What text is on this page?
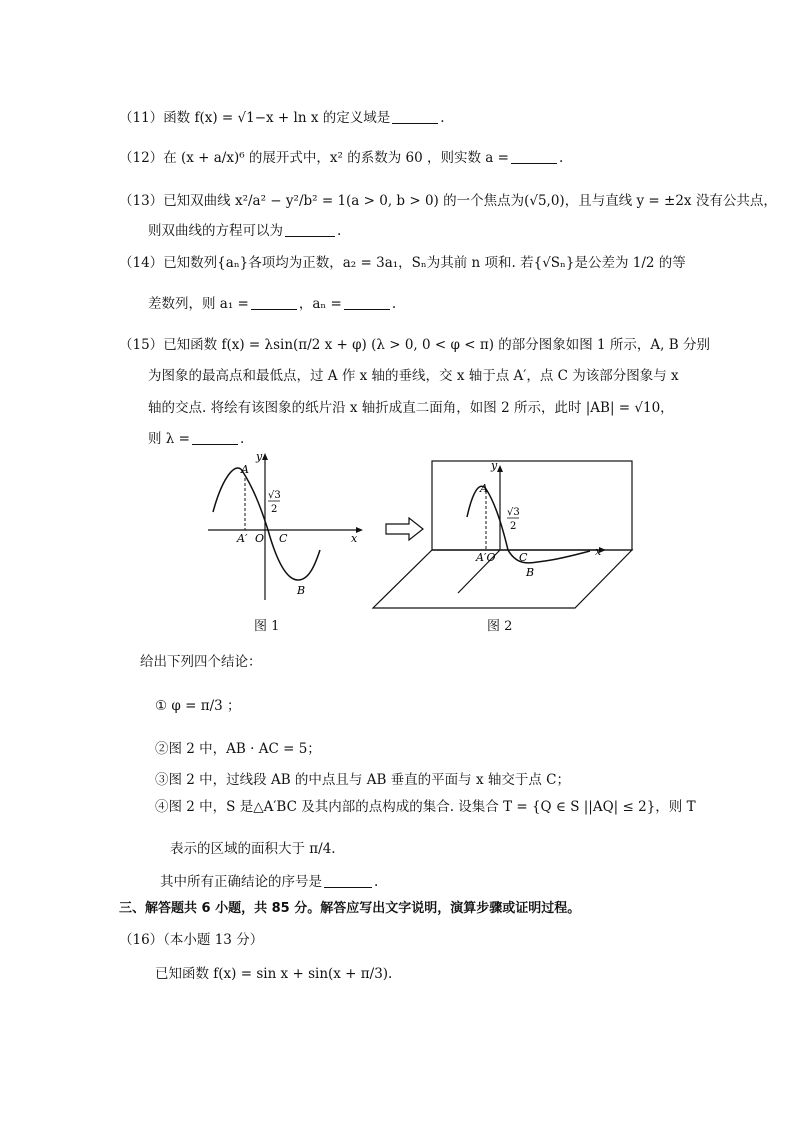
（11）函数 f(x) = √1−x + ln x 的定义域是	.
（12）在 (x + a/x)⁶ 的展开式中，x² 的系数为 60 ，则实数 a =	.
（13）已知双曲线 x²/a² − y²/b² = 1(a > 0, b > 0) 的一个焦点为(√5,0)，且与直线 y = ±2x 没有公共点，
则双曲线的方程可以为	.
（14）已知数列{aₙ}各项均为正数，a₂ = 3a₁，Sₙ为其前 n 项和. 若{√Sₙ}是公差为 1/2 的等
差数列，则 a₁ =	，aₙ =	.
（15）已知函数 f(x) = λsin(π/2 x + φ) (λ > 0, 0 < φ < π) 的部分图象如图 1 所示，A, B 分别
为图象的最高点和最低点，过 A 作 x 轴的垂线，交 x 轴于点 A′，点 C 为该部分图象与 x
轴的交点. 将绘有该图象的纸片沿 x 轴折成直二面角，如图 2 所示，此时 |AB| = √10，
则 λ =	.
y
x
A
A′ O C
B
√3
2
图 1
y
x
A
A′O C
B
√3
2
图 2
给出下列四个结论：
① φ = π/3 ；
②图 2 中，AB · AC = 5；
③图 2 中，过线段 AB 的中点且与 AB 垂直的平面与 x 轴交于点 C；
④图 2 中，S 是△A′BC 及其内部的点构成的集合. 设集合 T = {Q ∈ S ||AQ| ≤ 2}，则 T
表示的区域的面积大于 π/4.
其中所有正确结论的序号是	.
三、解答题共 6 小题，共 85 分。解答应写出文字说明，演算步骤或证明过程。
（16）（本小题 13 分）
已知函数 f(x) = sin x + sin(x + π/3).
